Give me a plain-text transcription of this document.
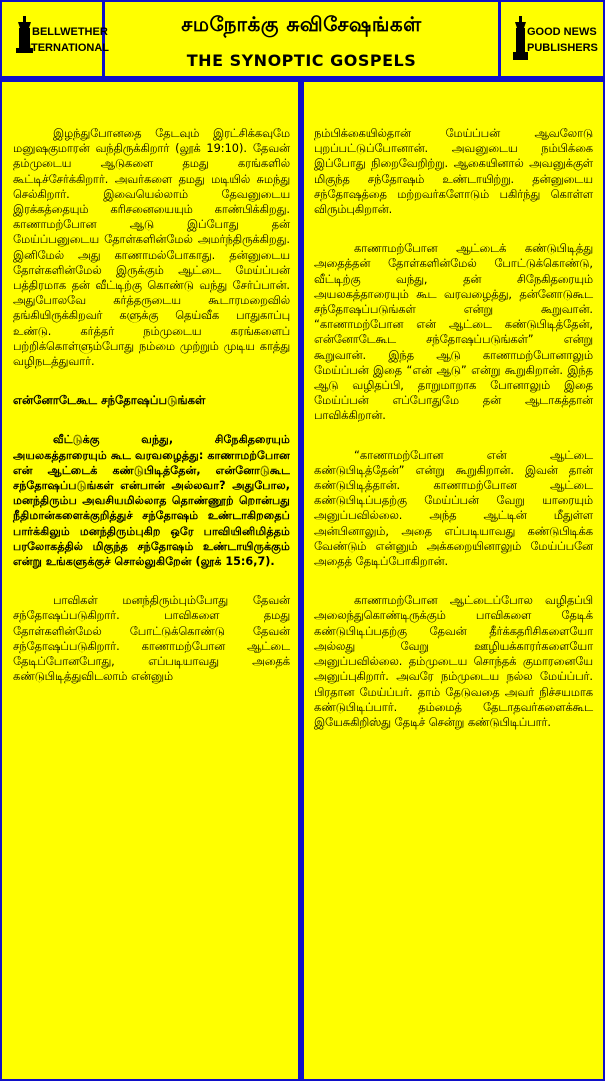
BELLWETHER
INTERNATIONAL
சமநோக்கு சுவிசேஷங்கள்
THE SYNOPTIC GOSPELS
GOOD NEWS
PUBLISHERS

இழந்துபோனதை தேடவும் இரட்சிக்கவுமே மனுஷகுமாரன் வந்திருக்கிறார் (லூக் 19:10). தேவன் தம்முடைய ஆடுகளை தமது கரங்களில் கூட்டிச்சேர்க்கிறார். அவர்களை தமது மடியில் சுமந்து செல்கிறார். இவையெல்லாம் தேவனுடைய இரக்கத்தையும் கரிசனையையும் காண்பிக்கிறது. காணாமற்போன ஆடு இப்போது தன் மேய்ப்பனுடைய தோள்களின்மேல் அமர்ந்திருக்கிறது. இனிமேல் அது காணாமல்போகாது. தன்னுடைய தோள்களின்மேல் இருக்கும் ஆட்டை மேய்ப்பன் பத்திரமாக தன் வீட்டிற்கு கொண்டு வந்து சேர்ப்பான். அதுபோலவே கர்த்தருடைய கூடாரமறைவில் தங்கியிருக்கிறவர் களுக்கு தெய்வீக பாதுகாப்பு உண்டு. கர்த்தர் நம்முடைய கரங்களைப் பற்றிக்கொள்ளும்போது நம்மை முற்றும் முடிய காத்து வழிநடத்துவார்.

என்னோடேகூட சந்தோஷப்படுங்கள்

வீட்டுக்கு வந்து, சிநேகிதரையும் அயலகத்தாரையும் கூட வரவழைத்து: காணாமற்போன என் ஆட்டைக் கண்டுபிடித்தேன், என்னோடுகூட சந்தோஷப்படுங்கள் என்பான் அல்லவா? அதுபோல, மனந்திரும்ப அவசியமில்லாத தொண்ணூற் றொன்பது நீதிமான்களைக்குறித்துச் சந்தோஷம் உண்டாகிறதைப் பார்க்கிலும் மனந்திரும்புகிற ஒரே பாவியினிமித்தம் பரலோகத்தில் மிகுந்த சந்தோஷம் உண்டாயிருக்கும் என்று உங்களுக்குச் சொல்லுகிறேன் (லூக் 15:6,7).

பாவிகள் மனந்திரும்பும்போது தேவன் சந்தோஷப்படுகிறார். பாவிகளை தமது தோள்களின்மேல் போட்டுக்கொண்டு தேவன் சந்தோஷப்படுகிறார். காணாமற்போன ஆட்டை தேடிப்போனபோது, எப்படியாவது அதைக் கண்டுபிடித்துவிடலாம் என்னும்

நம்பிக்கையில்தான் மேய்ப்பன் ஆவலோடு புறப்பட்டுப்போனான். அவனுடைய நம்பிக்கை இப்போது நிறைவேறிற்று. ஆகையினால் அவனுக்குள் மிகுந்த சந்தோஷம் உண்டாயிற்று. தன்னுடைய சந்தோஷத்தை மற்றவர்களோடும் பகிர்ந்து கொள்ள விரும்புகிறான்.

காணாமற்போன ஆட்டைக் கண்டுபிடித்து அதைத்தன் தோள்களின்மேல் போட்டுக்கொண்டு, வீட்டிற்கு வந்து, தன் சிநேகிதரையும் அயலகத்தாரையும் கூட வரவழைத்து, தன்னோடுகூட சந்தோஷப்படுங்கள் என்று கூறுவான். “காணாமற்போன என் ஆட்டை கண்டுபிடித்தேன், என்னோடேகூட சந்தோஷப்படுங்கள்” என்று கூறுவான். இந்த ஆடு காணாமற்போனாலும் மேய்ப்பன் இதை “என் ஆடு” என்று கூறுகிறான். இந்த ஆடு வழிதப்பி, தாறுமாறாக போனாலும் இதை மேய்ப்பன் எப்போதுமே தன் ஆடாகத்தான் பாவிக்கிறான்.

“காணாமற்போன என் ஆட்டை கண்டுபிடித்தேன்” என்று கூறுகிறான். இவன் தான் கண்டுபிடித்தான். காணாமற்போன ஆட்டை கண்டுபிடிப்பதற்கு மேய்ப்பன் வேறு யாரையும் அனுப்பவில்லை. அந்த ஆட்டின் மீதுள்ள அன்பினாலும், அதை எப்படியாவது கண்டுபிடிக்க வேண்டும் என்னும் அக்கறையினாலும் மேய்ப்பனே அதைத் தேடிப்போகிறான்.

காணாமற்போன ஆட்டைப்போல வழிதப்பி அலைந்துகொண்டிருக்கும் பாவிகளை தேடிக் கண்டுபிடிப்பதற்கு தேவன் தீர்க்கதரிசிகளையோ அல்லது வேறு ஊழியக்காரர்களையோ அனுப்பவில்லை. தம்முடைய சொந்தக் குமாரனையே அனுப்புகிறார். அவரே நம்முடைய நல்ல மேய்ப்பர். பிரதான மேய்ப்பர். தாம் தேடுவதை அவர் நிச்சயமாக கண்டுபிடிப்பார். தம்மைத் தேடாதவர்களைக்கூட இயேசுகிறிஸ்து தேடிச் சென்று கண்டுபிடிப்பார்.
